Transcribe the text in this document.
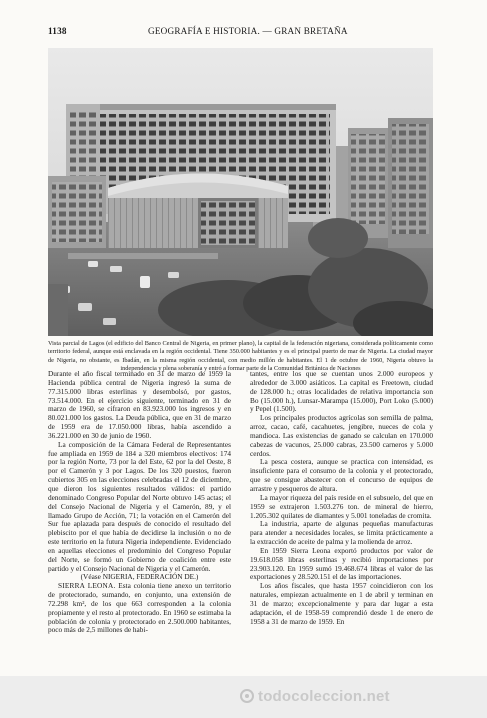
1138	GEOGRAFÍA E HISTORIA. — GRAN BRETAÑA
Vista parcial de Lagos (el edificio del Banco Central de Nigeria, en primer plano), la capital de la federación nigeriana, considerada políticamente como territorio federal, aunque está enclavada en la región occidental. Tiene 350.000 habitantes y es el principal puerto de mar de Nigeria. La ciudad mayor de Nigeria, no obstante, es Ibadán, en la misma región occidental, con medio millón de habitantes. El 1 de octubre de 1960, Nigeria obtuvo la independencia y plena soberanía y entró a formar parte de la Comunidad Británica de Naciones

Durante el año fiscal terminado en 31 de marzo de 1959 la Hacienda pública central de Nigeria ingresó la suma de 77.315.000 libras esterlinas y desembolsó, por gastos, 73.514.000. En el ejercicio siguiente, terminado en 31 de marzo de 1960, se cifraron en 83.923.000 los ingresos y en 80.021.000 los gastos. La Deuda pública, que en 31 de marzo de 1959 era de 17.050.000 libras, había ascendido a 36.221.000 en 30 de junio de 1960.

La composición de la Cámara Federal de Representantes fue ampliada en 1959 de 184 a 320 miembros electivos: 174 por la región Norte, 73 por la del Este, 62 por la del Oeste, 8 por el Camerón y 3 por Lagos. De los 320 puestos, fueron cubiertos 305 en las elecciones celebradas el 12 de diciembre, que dieron los siguientes resultados válidos: el partido denominado Congreso Popular del Norte obtuvo 145 actas; el del Consejo Nacional de Nigeria y el Camerón, 89, y el llamado Grupo de Acción, 71; la votación en el Camerón del Sur fue aplazada para después de conocido el resultado del plebiscito por el que había de decidirse la inclusión o no de este territorio en la futura Nigeria independiente. Evidenciado en aquellas elecciones el predominio del Congreso Popular del Norte, se formó un Gobierno de coalición entre este partido y el Consejo Nacional de Nigeria y el Camerón.

(Véase NIGERIA, FEDERACIÓN DE.)

SIERRA LEONA. Esta colonia tiene anexo un territorio de protectorado, sumando, en conjunto, una extensión de 72.298 km², de los que 663 corresponden a la colonia propiamente y el resto al protectorado. En 1960 se estimaba la población de colonia y protectorado en 2.500.000 habitantes, poco más de 2,5 millones de habi-

tantes, entre los que se cuentan unos 2.000 europeos y alrededor de 3.000 asiáticos. La capital es Freetown, ciudad de 128.000 h.; otras localidades de relativa importancia son Bo (15.000 h.), Lunsar-Marampa (15.000), Port Loko (5.000) y Pepel (1.500).

Los principales productos agrícolas son semilla de palma, arroz, cacao, café, cacahuetes, jengibre, nueces de cola y mandioca. Las existencias de ganado se calculan en 170.000 cabezas de vacunos, 25.000 cabras, 23.500 carneros y 5.000 cerdos.

La pesca costera, aunque se practica con intensidad, es insuficiente para el consumo de la colonia y el protectorado, que se consigue abastecer con el concurso de equipos de arrastre y pesqueros de altura.

La mayor riqueza del país reside en el subsuelo, del que en 1959 se extrajeron 1.503.276 ton. de mineral de hierro, 1.205.302 quilates de diamantes y 5.001 toneladas de cromita.

La industria, aparte de algunas pequeñas manufacturas para atender a necesidades locales, se limita prácticamente a la extracción de aceite de palma y la molienda de arroz.

En 1959 Sierra Leona exportó productos por valor de 19.618.058 libras esterlinas y recibió importaciones por 23.903.120. En 1959 sumó 19.468.674 libras el valor de las exportaciones y 28.520.151 el de las importaciones.

Los años fiscales, que hasta 1957 coincidieron con los naturales, empiezan actualmente en 1 de abril y terminan en 31 de marzo; excepcionalmente y para dar lugar a esta adaptación, el de 1958-59 comprendió desde 1 de enero de 1958 a 31 de marzo de 1959. En

todocoleccion.net
